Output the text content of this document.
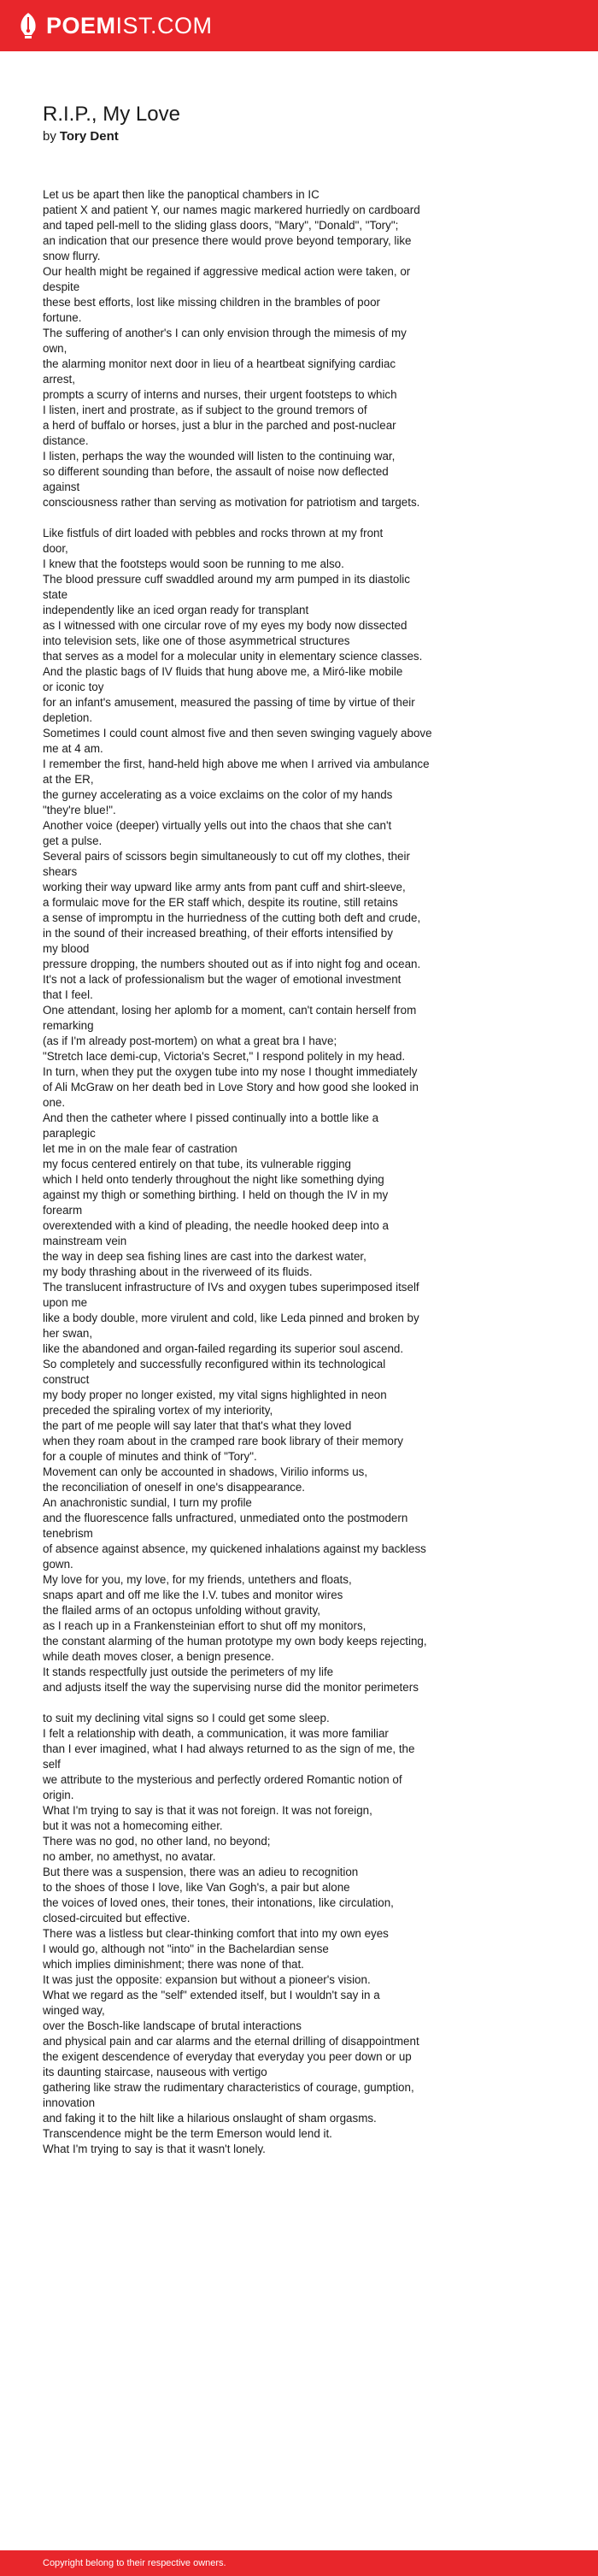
POEMIST.COM
R.I.P., My Love
by Tory Dent

Let us be apart then like the panoptical chambers in IC
patient X and patient Y, our names magic markered hurriedly on cardboard
and taped pell-mell to the sliding glass doors, "Mary", "Donald", "Tory";
an indication that our presence there would prove beyond temporary, like
snow flurry.
Our health might be regained if aggressive medical action were taken, or
despite
these best efforts, lost like missing children in the brambles of poor
fortune.
The suffering of another's I can only envision through the mimesis of my
own,
the alarming monitor next door in lieu of a heartbeat signifying cardiac
arrest,
prompts a scurry of interns and nurses, their urgent footsteps to which
I listen, inert and prostrate, as if subject to the ground tremors of
a herd of buffalo or horses, just a blur in the parched and post-nuclear
distance.
I listen, perhaps the way the wounded will listen to the continuing war,
so different sounding than before, the assault of noise now deflected
against
consciousness rather than serving as motivation for patriotism and targets.

Like fistfuls of dirt loaded with pebbles and rocks thrown at my front
door,
I knew that the footsteps would soon be running to me also.
The blood pressure cuff swaddled around my arm pumped in its diastolic
state
independently like an iced organ ready for transplant
as I witnessed with one circular rove of my eyes my body now dissected
into television sets, like one of those asymmetrical structures
that serves as a model for a molecular unity in elementary science classes.
And the plastic bags of IV fluids that hung above me, a Miró-like mobile
or iconic toy
for an infant's amusement, measured the passing of time by virtue of their
depletion.
Sometimes I could count almost five and then seven swinging vaguely above
me at 4 am.
I remember the first, hand-held high above me when I arrived via ambulance
at the ER,
the gurney accelerating as a voice exclaims on the color of my hands
"they're blue!".
Another voice (deeper) virtually yells out into the chaos that she can't
get a pulse.
Several pairs of scissors begin simultaneously to cut off my clothes, their
shears
working their way upward like army ants from pant cuff and shirt-sleeve,
a formulaic move for the ER staff which, despite its routine, still retains
a sense of impromptu in the hurriedness of the cutting both deft and crude,
in the sound of their increased breathing, of their efforts intensified by
my blood
pressure dropping, the numbers shouted out as if into night fog and ocean.
It's not a lack of professionalism but the wager of emotional investment
that I feel.
One attendant, losing her aplomb for a moment, can't contain herself from
remarking
(as if I'm already post-mortem) on what a great bra I have;
"Stretch lace demi-cup, Victoria's Secret," I respond politely in my head.
In turn, when they put the oxygen tube into my nose I thought immediately
of Ali McGraw on her death bed in Love Story and how good she looked in
one.
And then the catheter where I pissed continually into a bottle like a
paraplegic
let me in on the male fear of castration
my focus centered entirely on that tube, its vulnerable rigging
which I held onto tenderly throughout the night like something dying
against my thigh or something birthing. I held on though the IV in my
forearm
overextended with a kind of pleading, the needle hooked deep into a
mainstream vein
the way in deep sea fishing lines are cast into the darkest water,
my body thrashing about in the riverweed of its fluids.
The translucent infrastructure of IVs and oxygen tubes superimposed itself
upon me
like a body double, more virulent and cold, like Leda pinned and broken by
her swan,
like the abandoned and organ-failed regarding its superior soul ascend.
So completely and successfully reconfigured within its technological
construct
my body proper no longer existed, my vital signs highlighted in neon
preceded the spiraling vortex of my interiority,
the part of me people will say later that that's what they loved
when they roam about in the cramped rare book library of their memory
for a couple of minutes and think of "Tory".
Movement can only be accounted in shadows, Virilio informs us,
the reconciliation of oneself in one's disappearance.
An anachronistic sundial, I turn my profile
and the fluorescence falls unfractured, unmediated onto the postmodern
tenebrism
of absence against absence, my quickened inhalations against my backless
gown.
My love for you, my love, for my friends, untethers and floats,
snaps apart and off me like the I.V. tubes and monitor wires
the flailed arms of an octopus unfolding without gravity,
as I reach up in a Frankensteinian effort to shut off my monitors,
the constant alarming of the human prototype my own body keeps rejecting,
while death moves closer, a benign presence.
It stands respectfully just outside the perimeters of my life
and adjusts itself the way the supervising nurse did the monitor perimeters

to suit my declining vital signs so I could get some sleep.
I felt a relationship with death, a communication, it was more familiar
than I ever imagined, what I had always returned to as the sign of me, the
self
we attribute to the mysterious and perfectly ordered Romantic notion of
origin.
What I'm trying to say is that it was not foreign. It was not foreign,
but it was not a homecoming either.
There was no god, no other land, no beyond;
no amber, no amethyst, no avatar.
But there was a suspension, there was an adieu to recognition
to the shoes of those I love, like Van Gogh's, a pair but alone
the voices of loved ones, their tones, their intonations, like circulation,
closed-circuited but effective.
There was a listless but clear-thinking comfort that into my own eyes
I would go, although not "into" in the Bachelardian sense
which implies diminishment; there was none of that.
It was just the opposite: expansion but without a pioneer's vision.
What we regard as the "self" extended itself, but I wouldn't say in a
winged way,
over the Bosch-like landscape of brutal interactions
and physical pain and car alarms and the eternal drilling of disappointment
the exigent descendence of everyday that everyday you peer down or up
its daunting staircase, nauseous with vertigo
gathering like straw the rudimentary characteristics of courage, gumption,
innovation
and faking it to the hilt like a hilarious onslaught of sham orgasms.
Transcendence might be the term Emerson would lend it.
What I'm trying to say is that it wasn't lonely.

Copyright belong to their respective owners.
